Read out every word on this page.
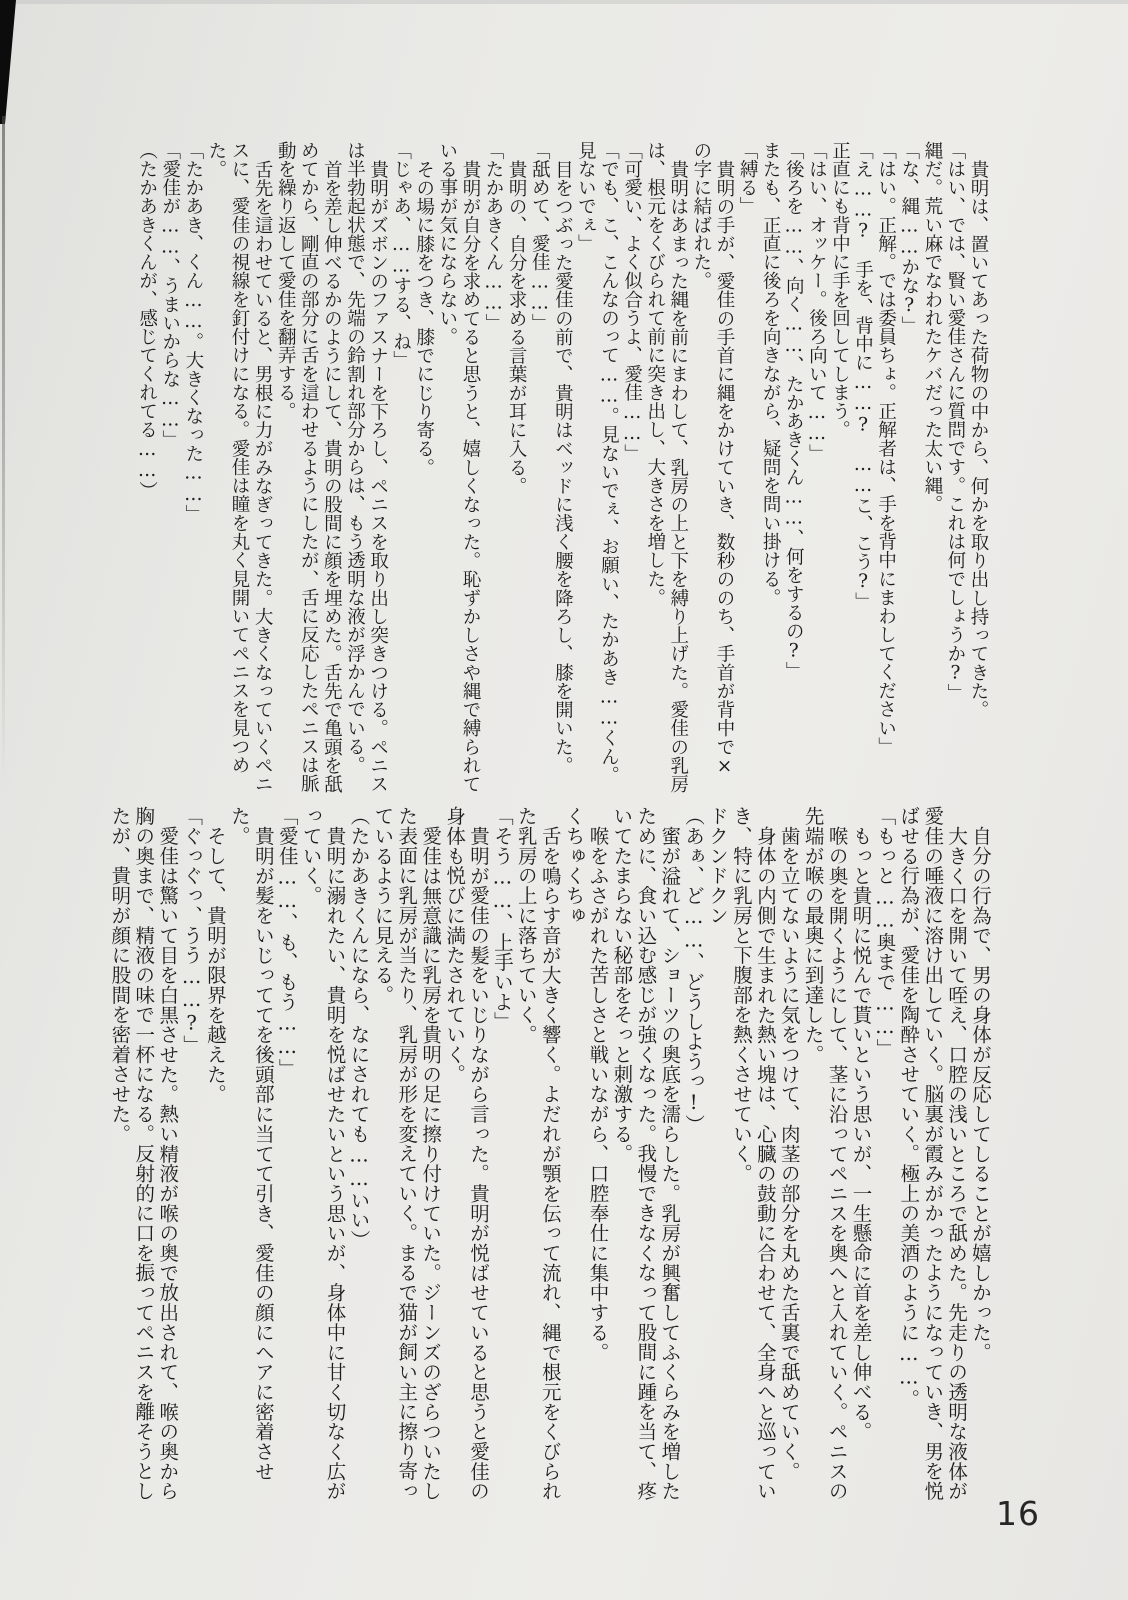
貴明は、置いてあった荷物の中から、何かを取り出し持ってきた。

「はい、では、賢い愛佳さんに質問です。これは何でしょうか?」

縄だ。荒い麻でなわれたケバだった太い縄。

「な、縄……かな?」

「はい。正解。では委員ちょ。正解者は、手を背中にまわしてください」

「え……?　手を、背中に……?　……こ、こう?」

正直にも背中に手を回してしまう。

「はい、オッケー。後ろ向いて……」

「後ろを……、向く……、たかあきくん……、何をするの?」

またも、正直に後ろを向きながら、疑問を問い掛ける。

「縛る」

貴明の手が、愛佳の手首に縄をかけていき、数秒ののち、手首が背中で×の字に結ばれた。

貴明はあまった縄を前にまわして、乳房の上と下を縛り上げた。愛佳の乳房は、根元をくびられて前に突き出し、大きさを増した。

「可愛い、よく似合うよ、愛佳……」

「でも、こ、こんなのって……。見ないでぇ、お願い、たかあき……くん。見ないでぇ」

目をつぶった愛佳の前で、貴明はベッドに浅く腰を降ろし、膝を開いた。

「舐めて、愛佳……」

貴明の、自分を求める言葉が耳に入る。

「たかあきくん……」

貴明が自分を求めてると思うと、嬉しくなった。恥ずかしさや縄で縛られている事が気にならない。

その場に膝をつき、膝でにじり寄る。

「じゃあ、……する、ね」

貴明がズボンのファスナーを下ろし、ペニスを取り出し突きつける。ペニスは半勃起状態で、先端の鈴割れ部分からは、もう透明な液が浮かんでいる。

首を差し伸べるかのようにして、貴明の股間に顔を埋めた。舌先で亀頭を舐めてから、剛直の部分に舌を這わせるようにしたが、舌に反応したペニスは脈動を繰り返して愛佳を翻弄する。

舌先を這わせていると、男根に力がみなぎってきた。大きくなっていくペニスに、愛佳の視線を釘付けになる。愛佳は瞳を丸く見開いてペニスを見つめた。

「たかあき、くん……。大きくなった……」

「愛佳が……、うまいからな……」

（たかあきくんが、感じてくれてる……）

自分の行為で、男の身体が反応してしることが嬉しかった。

大きく口を開いて咥え、口腔の浅いところで舐めた。先走りの透明な液体が愛佳の唾液に溶け出していく。脳裏が霞みがかったようになっていき、男を悦ばせる行為が、愛佳を陶酔させていく。極上の美酒のように……。

「もっと……奥まで……」

もっと貴明に悦んで貰いという思いが、一生懸命に首を差し伸べる。

喉の奥を開くようにして、茎に沿ってペニスを奥へと入れていく。ペニスの先端が喉の最奥に到達した。

歯を立てないように気をつけて、肉茎の部分を丸めた舌裏で舐めていく。

身体の内側で生まれた熱い塊は、心臓の鼓動に合わせて、全身へと巡っていき、特に乳房と下腹部を熱くさせていく。

ドクンドクン

（あぁ、ど……、どうしようっ!）

蜜が溢れて、ショーツの奥底を濡らした。乳房が興奮してふくらみを増したために、食い込む感じが強くなった。我慢できなくなって股間に踵を当て、疼いてたまらない秘部をそっと刺激する。

喉をふさがれた苦しさと戦いながら、口腔奉仕に集中する。

くちゅくちゅ

舌を鳴らす音が大きく響く。よだれが顎を伝って流れ、縄で根元をくびられた乳房の上に落ちていく。

「そう……、上手いよ」

貴明が愛佳の髪をいじりながら言った。貴明が悦ばせていると思うと愛佳の身体も悦びに満たされていく。

愛佳は無意識に乳房を貴明の足に擦り付けていた。ジーンズのざらついたした表面に乳房が当たり、乳房が形を変えていく。まるで猫が飼い主に擦り寄っているように見える。

（たかあきくんになら、なにされても……いい）

貴明に溺れたい、貴明を悦ばせたいという思いが、身体中に甘く切なく広がっていく。

「愛佳……、も、もう……」

貴明が髪をいじっててを後頭部に当てて引き、愛佳の顔にヘアに密着させた。

そして、貴明が限界を越えた。

「ぐっぐっ、うう……?」

愛佳は驚いて目を白黒させた。熱い精液が喉の奥で放出されて、喉の奥から胸の奥まで、精液の味で一杯になる。反射的に口を振ってペニスを離そうとしたが、貴明が顔に股間を密着させた。

16
